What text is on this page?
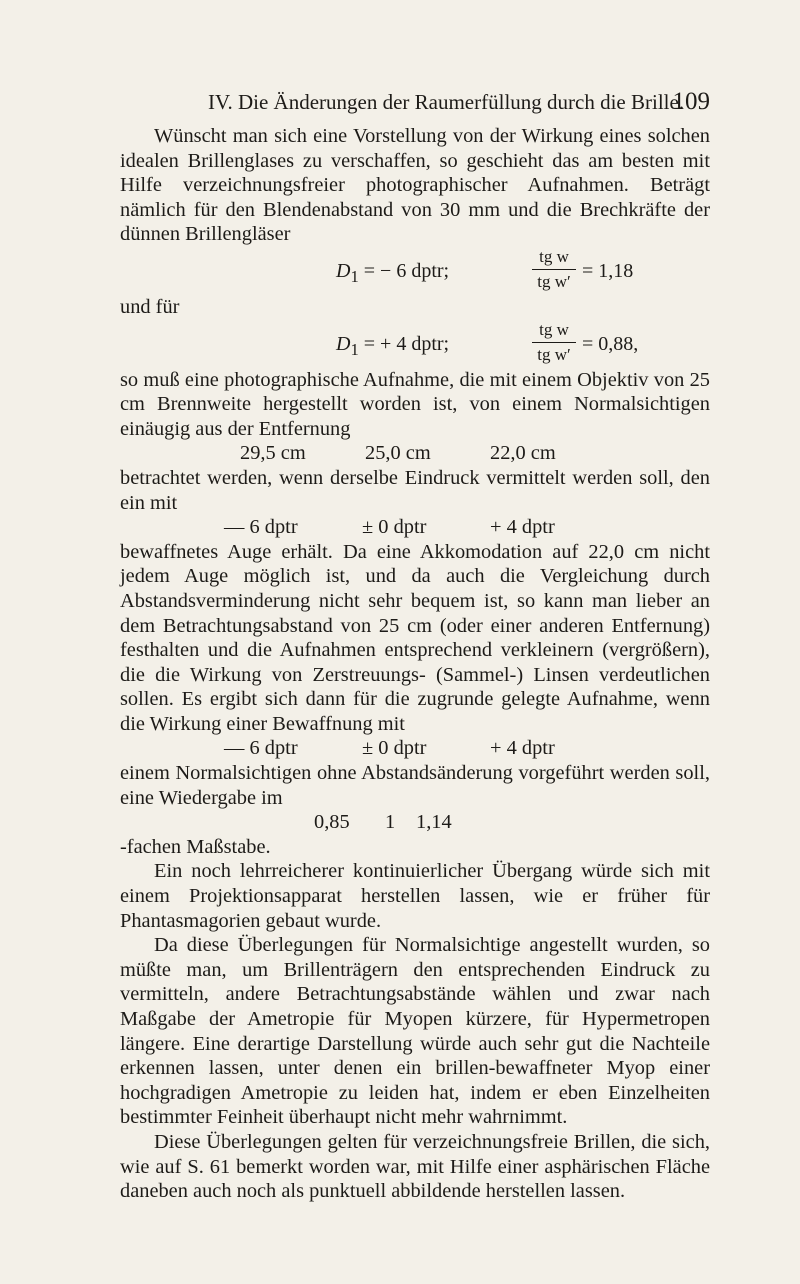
IV. Die Änderungen der Raumerfüllung durch die Brille.
109

Wünscht man sich eine Vorstellung von der Wirkung eines solchen idealen Brillenglases zu verschaffen, so geschieht das am besten mit Hilfe verzeichnungsfreier photographischer Aufnahmen. Beträgt nämlich für den Blendenabstand von 30 mm und die Brechkräfte der dünnen Brillengläser

$D_1$ = − 6 dptr;
tg w
tg w′ = 1,18
und für
$D_1$ = + 4 dptr;
tg w
tg w′ = 0,88,

so muß eine photographische Aufnahme, die mit einem Objektiv von 25 cm Brennweite hergestellt worden ist, von einem Normalsichtigen einäugig aus der Entfernung

29,5 cm	25,0 cm	22,0 cm

betrachtet werden, wenn derselbe Eindruck vermittelt werden soll, den ein mit

— 6 dptr	± 0 dptr	+ 4 dptr

bewaffnetes Auge erhält. Da eine Akkomodation auf 22,0 cm nicht jedem Auge möglich ist, und da auch die Vergleichung durch Abstandsverminderung nicht sehr bequem ist, so kann man lieber an dem Betrachtungsabstand von 25 cm (oder einer anderen Entfernung) festhalten und die Aufnahmen entsprechend verkleinern (vergrößern), die die Wirkung von Zerstreuungs- (Sammel-) Linsen verdeutlichen sollen. Es ergibt sich dann für die zugrunde gelegte Aufnahme, wenn die Wirkung einer Bewaffnung mit

— 6 dptr	± 0 dptr	+ 4 dptr

einem Normalsichtigen ohne Abstandsänderung vorgeführt werden soll, eine Wiedergabe im

0,85 1 1,14

-fachen Maßstabe.

Ein noch lehrreicherer kontinuierlicher Übergang würde sich mit einem Projektionsapparat herstellen lassen, wie er früher für Phantasmagorien gebaut wurde.

Da diese Überlegungen für Normalsichtige angestellt wurden, so müßte man, um Brillenträgern den entsprechenden Eindruck zu vermitteln, andere Betrachtungsabstände wählen und zwar nach Maßgabe der Ametropie für Myopen kürzere, für Hypermetropen längere. Eine derartige Darstellung würde auch sehr gut die Nachteile erkennen lassen, unter denen ein brillen-bewaffneter Myop einer hochgradigen Ametropie zu leiden hat, indem er eben Einzelheiten bestimmter Feinheit überhaupt nicht mehr wahrnimmt.

Diese Überlegungen gelten für verzeichnungsfreie Brillen, die sich, wie auf S. 61 bemerkt worden war, mit Hilfe einer asphärischen Fläche daneben auch noch als punktuell abbildende herstellen lassen.
